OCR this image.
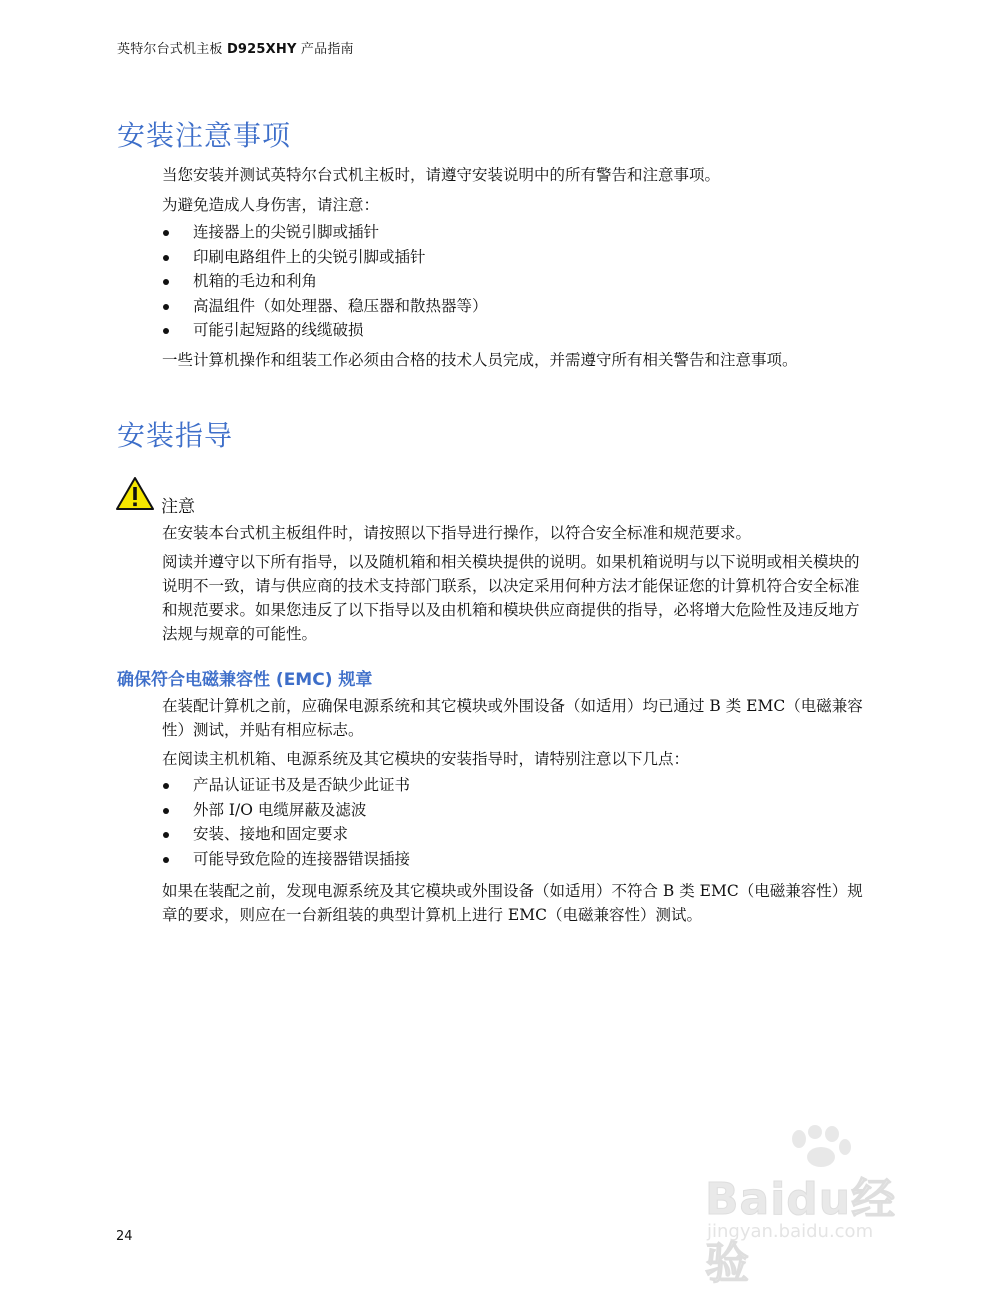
英特尔台式机主板 D925XHY 产品指南
安装注意事项

当您安装并测试英特尔台式机主板时，请遵守安装说明中的所有警告和注意事项。

为避免造成人身伤害，请注意：

连接器上的尖锐引脚或插针
印刷电路组件上的尖锐引脚或插针
机箱的毛边和利角
高温组件（如处理器、稳压器和散热器等）
可能引起短路的线缆破损

一些计算机操作和组装工作必须由合格的技术人员完成，并需遵守所有相关警告和注意事项。

安装指导
注意

在安装本台式机主板组件时，请按照以下指导进行操作，以符合安全标准和规范要求。

阅读并遵守以下所有指导，以及随机箱和相关模块提供的说明。如果机箱说明与以下说明或相关模块的说明不一致，请与供应商的技术支持部门联系，以决定采用何种方法才能保证您的计算机符合安全标准和规范要求。如果您违反了以下指导以及由机箱和模块供应商提供的指导，必将增大危险性及违反地方法规与规章的可能性。

确保符合电磁兼容性 (EMC) 规章

在装配计算机之前，应确保电源系统和其它模块或外围设备（如适用）均已通过 B 类 EMC（电磁兼容性）测试，并贴有相应标志。

在阅读主机机箱、电源系统及其它模块的安装指导时，请特别注意以下几点：

产品认证证书及是否缺少此证书
外部 I/O 电缆屏蔽及滤波
安装、接地和固定要求
可能导致危险的连接器错误插接

如果在装配之前，发现电源系统及其它模块或外围设备（如适用）不符合 B 类 EMC（电磁兼容性）规章的要求，则应在一台新组装的典型计算机上进行 EMC（电磁兼容性）测试。

24
Baidu经验
jingyan.baidu.com
